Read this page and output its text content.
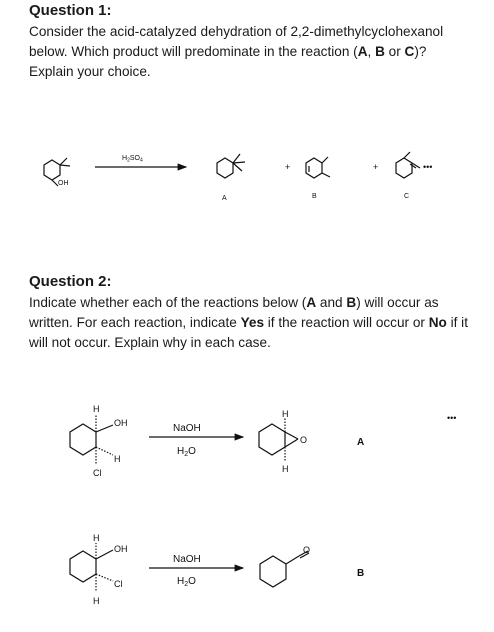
Question 1:
Consider the acid-catalyzed dehydration of 2,2-dimethylcyclohexanol below. Which product will predominate in the reaction (A, B or C)? Explain your choice.
Question 2:
Indicate whether each of the reactions below (A and B) will occur as written. For each reaction, indicate Yes if the reaction will occur or No if it will not occur. Explain why in each case.
OH
$H_2SO_4$
A
+
B
+	•••
C
•••
H
OH
H
Cl
NaOH
$H_2O$
H
O
H
A
H
OH
Cl
H
NaOH
$H_2O$
O
B
